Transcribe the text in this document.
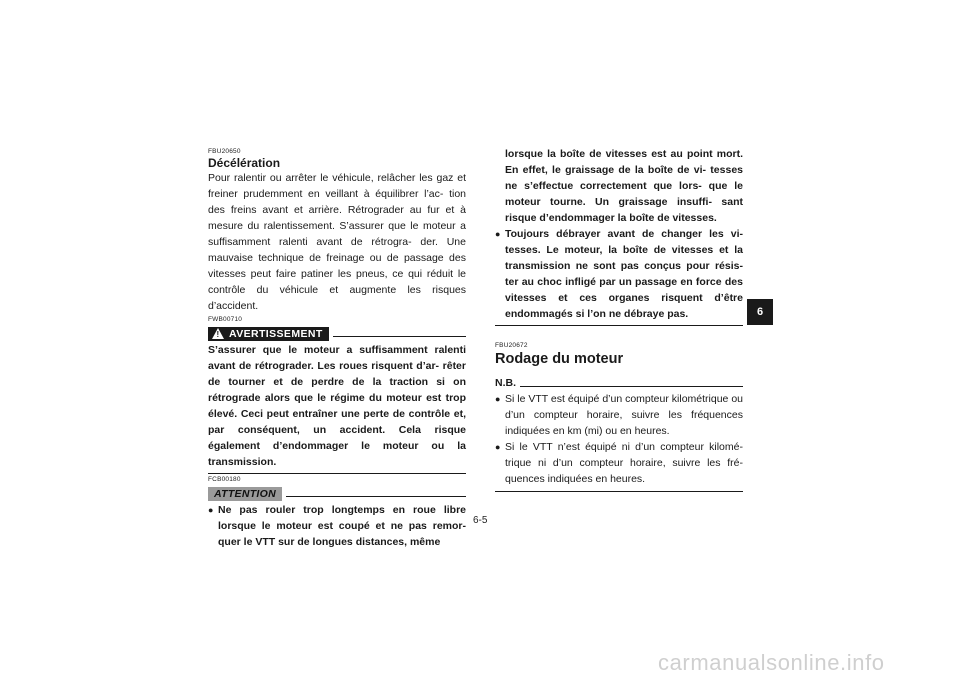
FBU20650
Décélération

Pour ralentir ou arrêter le véhicule, relâcher les gaz et freiner prudemment en veillant à équilibrer l’ac- tion des freins avant et arrière. Rétrograder au fur et à mesure du ralentissement. S’assurer que le moteur a suffisamment ralenti avant de rétrogra- der. Une mauvaise technique de freinage ou de passage des vitesses peut faire patiner les pneus, ce qui réduit le contrôle du véhicule et augmente les risques d’accident.

FWB00710
! AVERTISSEMENT

S’assurer que le moteur a suffisamment ralenti avant de rétrograder. Les roues risquent d’ar- rêter de tourner et de perdre de la traction si on rétrograde alors que le régime du moteur est trop élevé. Ceci peut entraîner une perte de contrôle et, par conséquent, un accident. Cela risque également d’endommager le moteur ou la transmission.

FCB00180
ATTENTION
● Ne pas rouler trop longtemps en roue libre lorsque le moteur est coupé et ne pas remor- quer le VTT sur de longues distances, même
lorsque la boîte de vitesses est au point mort. En effet, le graissage de la boîte de vi- tesses ne s’effectue correctement que lors- que le moteur tourne. Un graissage insuffi- sant risque d’endommager la boîte de vitesses.
● Toujours débrayer avant de changer les vi- tesses. Le moteur, la boîte de vitesses et la transmission ne sont pas conçus pour résis- ter au choc infligé par un passage en force des vitesses et ces organes risquent d’être endommagés si l’on ne débraye pas.
FBU20672
Rodage du moteur
N.B.
● Si le VTT est équipé d’un compteur kilométrique ou d’un compteur horaire, suivre les fréquences indiquées en km (mi) ou en heures.
● Si le VTT n’est équipé ni d’un compteur kilomé- trique ni d’un compteur horaire, suivre les fré- quences indiquées en heures.
6
6-5
carmanualsonline.info
